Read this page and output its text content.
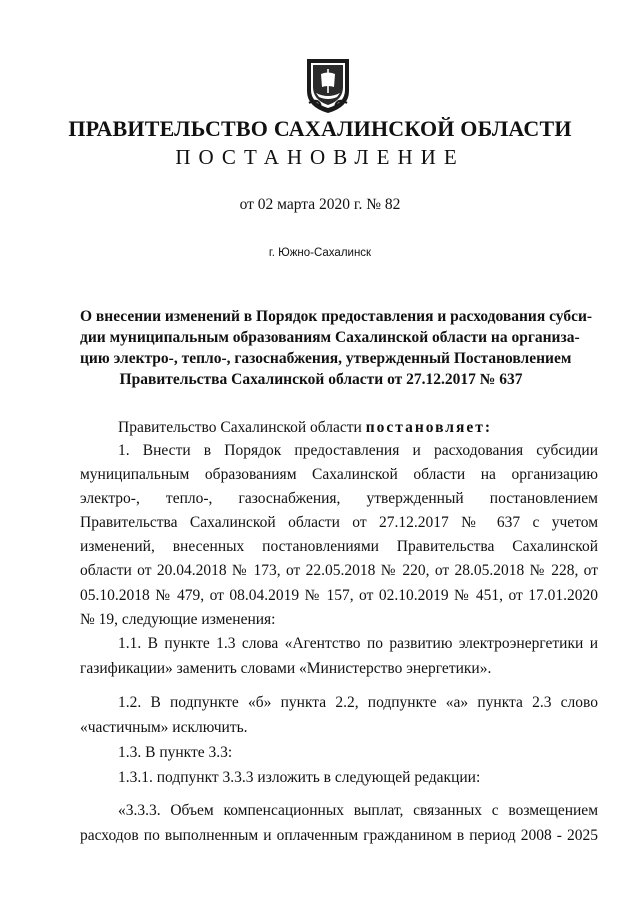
ПРАВИТЕЛЬСТВО САХАЛИНСКОЙ ОБЛАСТИ
ПОСТАНОВЛЕНИЕ
от 02 марта 2020 г. № 82
г. Южно-Сахалинск
О внесении изменений в Порядок предоставления и расходования субси-
дии муниципальным образованиям Сахалинской области на организа-
цию электро-, тепло-, газоснабжения, утвержденный Постановлением
Правительства Сахалинской области от 27.12.2017 № 637
Правительство Сахалинской области постановляет:
1. Внести в Порядок предоставления и расходования субсидии
муниципальным образованиям Сахалинской области на организацию
электро-, тепло-, газоснабжения, утвержденный постановлением
Правительства Сахалинской области от 27.12.2017 № 637 с учетом
изменений, внесенных постановлениями Правительства Сахалинской
области от 20.04.2018 № 173, от 22.05.2018 № 220, от 28.05.2018 № 228, от
05.10.2018 № 479, от 08.04.2019 № 157, от 02.10.2019 № 451, от 17.01.2020
№ 19, следующие изменения:
1.1. В пункте 1.3 слова «Агентство по развитию электроэнергетики и
газификации» заменить словами «Министерство энергетики».
1.2. В подпункте «б» пункта 2.2, подпункте «а» пункта 2.3 слово
«частичным» исключить.
1.3. В пункте 3.3:
1.3.1. подпункт 3.3.3 изложить в следующей редакции:
«3.3.3. Объем компенсационных выплат, связанных с возмещением
расходов по выполненным и оплаченным гражданином в период 2008 - 2025
